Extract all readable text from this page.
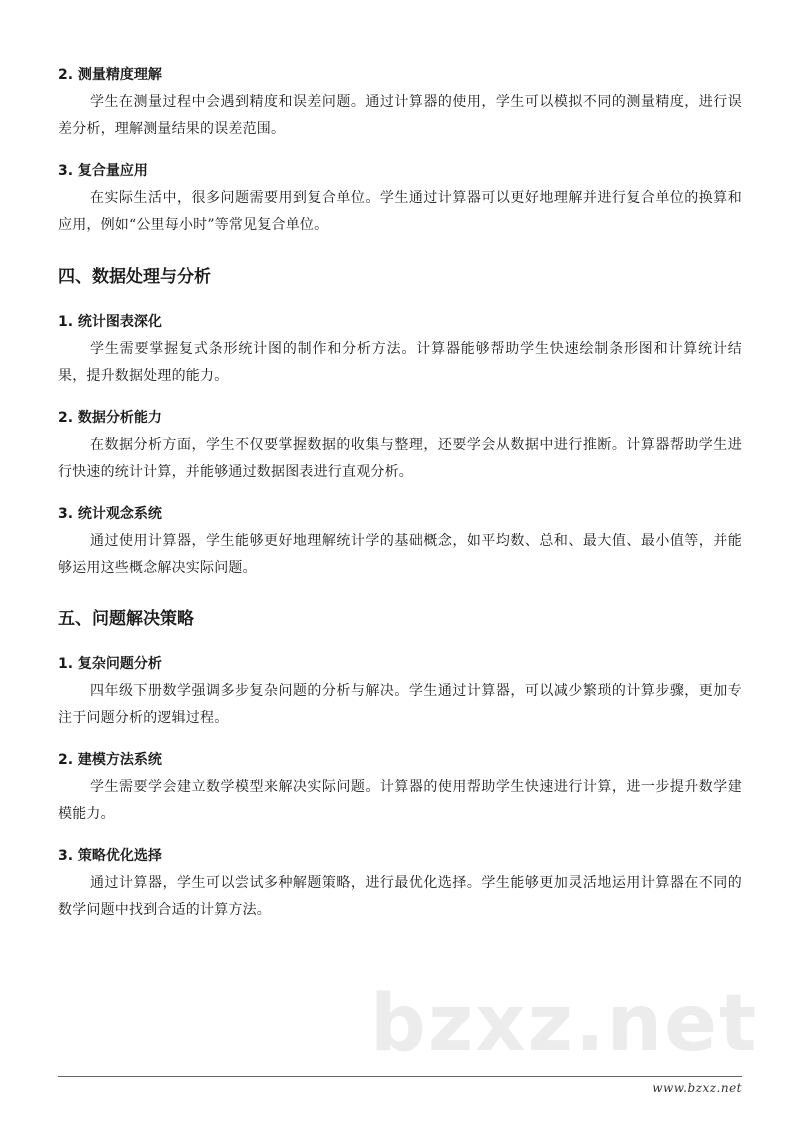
2. 测量精度理解

学生在测量过程中会遇到精度和误差问题。通过计算器的使用，学生可以模拟不同的测量精度，进行误差分析，理解测量结果的误差范围。

3. 复合量应用

在实际生活中，很多问题需要用到复合单位。学生通过计算器可以更好地理解并进行复合单位的换算和应用，例如“公里每小时”等常见复合单位。

四、数据处理与分析
1. 统计图表深化

学生需要掌握复式条形统计图的制作和分析方法。计算器能够帮助学生快速绘制条形图和计算统计结果，提升数据处理的能力。

2. 数据分析能力

在数据分析方面，学生不仅要掌握数据的收集与整理，还要学会从数据中进行推断。计算器帮助学生进行快速的统计计算，并能够通过数据图表进行直观分析。

3. 统计观念系统

通过使用计算器，学生能够更好地理解统计学的基础概念，如平均数、总和、最大值、最小值等，并能够运用这些概念解决实际问题。

五、问题解决策略
1. 复杂问题分析

四年级下册数学强调多步复杂问题的分析与解决。学生通过计算器，可以减少繁琐的计算步骤，更加专注于问题分析的逻辑过程。

2. 建模方法系统

学生需要学会建立数学模型来解决实际问题。计算器的使用帮助学生快速进行计算，进一步提升数学建模能力。

3. 策略优化选择

通过计算器，学生可以尝试多种解题策略，进行最优化选择。学生能够更加灵活地运用计算器在不同的数学问题中找到合适的计算方法。

bzxz.net
www.bzxz.net
